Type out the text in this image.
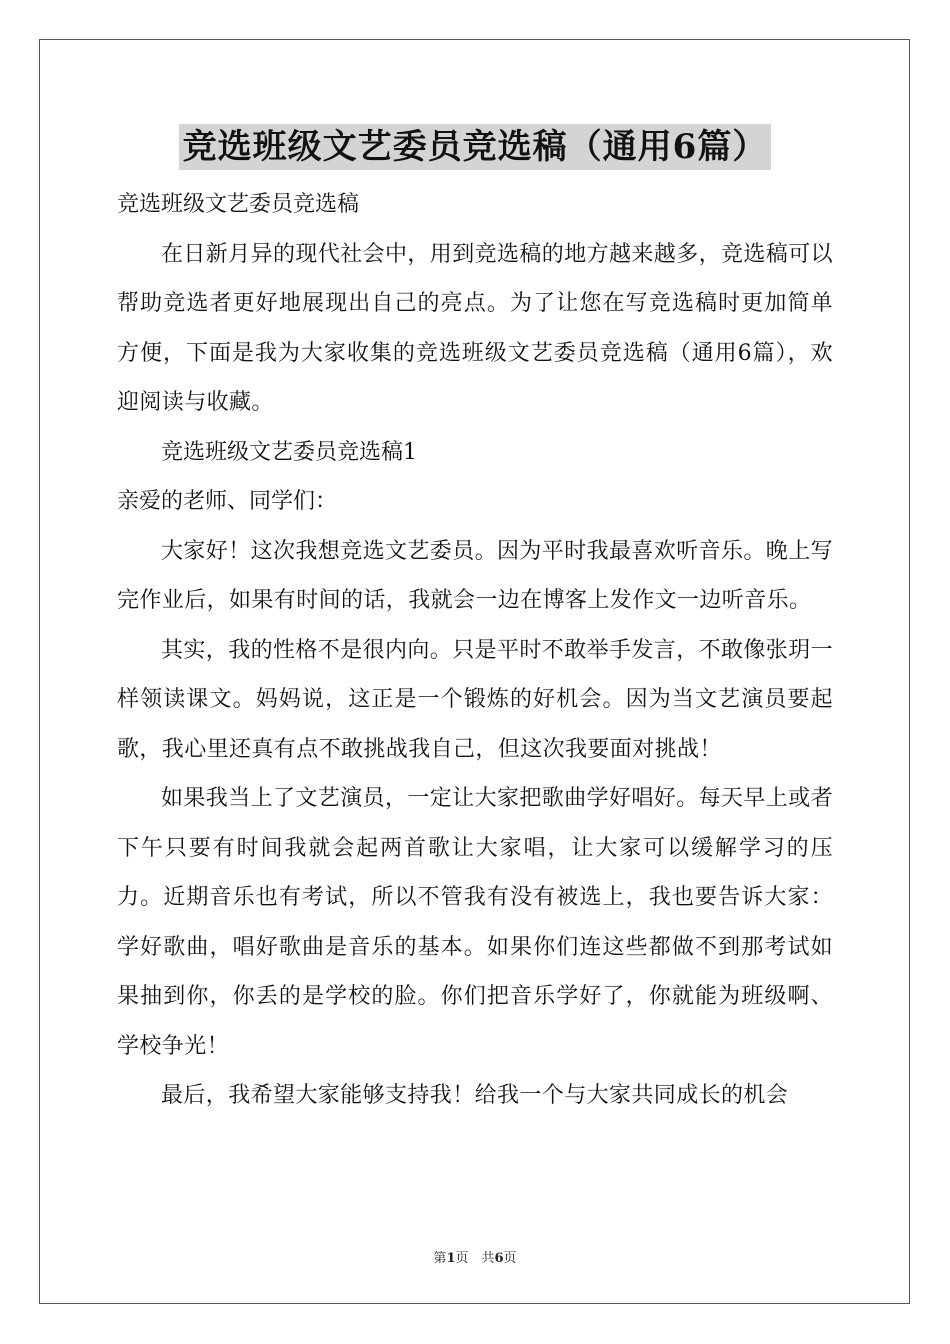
竞选班级文艺委员竞选稿（通用6篇）
竞选班级文艺委员竞选稿

在日新月异的现代社会中，用到竞选稿的地方越来越多，竞选稿可以帮助竞选者更好地展现出自己的亮点。为了让您在写竞选稿时更加简单方便，下面是我为大家收集的竞选班级文艺委员竞选稿（通用6篇），欢迎阅读与收藏。

竞选班级文艺委员竞选稿1
亲爱的老师、同学们：

大家好！这次我想竞选文艺委员。因为平时我最喜欢听音乐。晚上写完作业后，如果有时间的话，我就会一边在博客上发作文一边听音乐。

其实，我的性格不是很内向。只是平时不敢举手发言，不敢像张玥一样领读课文。妈妈说，这正是一个锻炼的好机会。因为当文艺演员要起歌，我心里还真有点不敢挑战我自己，但这次我要面对挑战！

如果我当上了文艺演员，一定让大家把歌曲学好唱好。每天早上或者下午只要有时间我就会起两首歌让大家唱，让大家可以缓解学习的压力。近期音乐也有考试，所以不管我有没有被选上，我也要告诉大家：学好歌曲，唱好歌曲是音乐的基本。如果你们连这些都做不到那考试如果抽到你，你丢的是学校的脸。你们把音乐学好了，你就能为班级啊、学校争光！

最后，我希望大家能够支持我！给我一个与大家共同成长的机会

第1页　共6页
